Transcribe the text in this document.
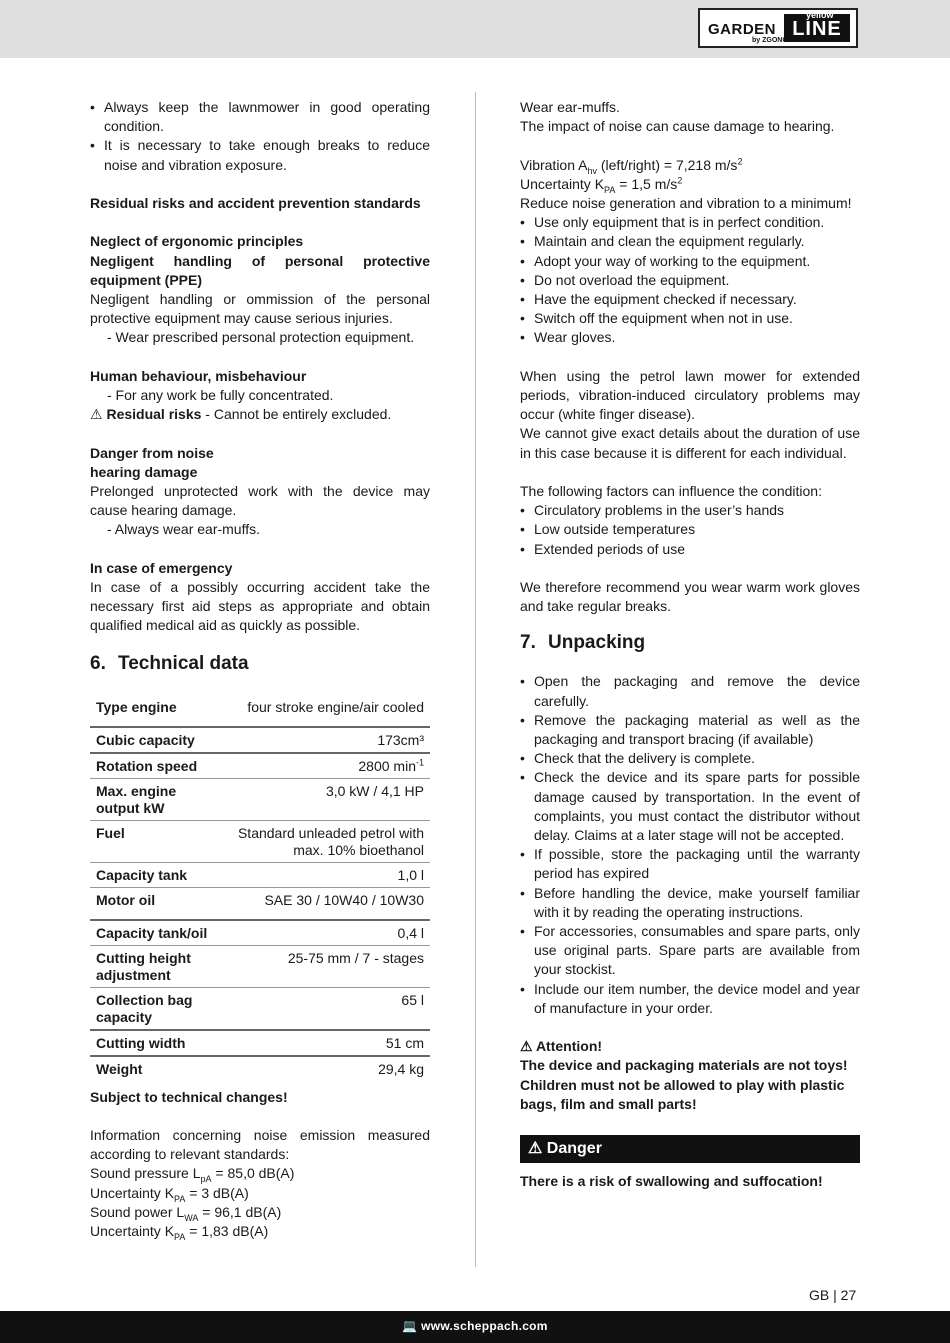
GARDEN
yellow
LINE
by ZGONC
• Always keep the lawnmower in good operating condition.
• It is necessary to take enough breaks to reduce noise and vibration exposure.

Residual risks and accident prevention standards

Neglect of ergonomic principles

Negligent handling of personal protective equipment (PPE)

Negligent handling or ommission of the personal protective equipment may cause serious injuries.

- Wear prescribed personal protection equipment.

Human behaviour, misbehaviour

- For any work be fully concentrated.

⚠ Residual risks - Cannot be entirely excluded.

Danger from noise

hearing damage

Prelonged unprotected work with the device may cause hearing damage.

- Always wear ear-muffs.

In case of emergency

In case of a possibly occurring accident take the necessary first aid steps as appropriate and obtain qualified medical aid as quickly as possible.

6. Technical data
Type engine	four stroke engine/air cooled
Cubic capacity	173cm³
Rotation speed	2800 $\min^{-1}$
Max. engine output kW	3,0 kW / 4,1 HP
Fuel	Standard unleaded petrol with max. 10% bioethanol
Capacity tank	1,0 l
Motor oil	SAE 30 / 10W40 / 10W30
Capacity tank/oil	0,4 l
Cutting height adjustment	25-75 mm / 7 - stages
Collection bag capacity	65 l
Cutting width	51 cm
Weight	29,4 kg

Subject to technical changes!

Information concerning noise emission measured according to relevant standards:

Sound pressure $L_{pA} = 85,0$ dB(A)

Uncertainty $K_{PA} = 3$ dB(A)

Sound power $L_{WA} = 96,1$ dB(A)

Uncertainty $K_{PA} = 1,83$ dB(A)

Wear ear-muffs.

The impact of noise can cause damage to hearing.

Vibration $A_{hv}$ (left/right) = 7,218 $m/s^2$

Uncertainty $K_{PA} = 1,5$ $m/s^2$

Reduce noise generation and vibration to a minimum!

• Use only equipment that is in perfect condition.
• Maintain and clean the equipment regularly.
• Adopt your way of working to the equipment.
• Do not overload the equipment.
• Have the equipment checked if necessary.
• Switch off the equipment when not in use.
• Wear gloves.

When using the petrol lawn mower for extended periods, vibration-induced circulatory problems may occur (white finger disease).

We cannot give exact details about the duration of use in this case because it is different for each individual.

The following factors can influence the condition:

• Circulatory problems in the user’s hands
• Low outside temperatures
• Extended periods of use

We therefore recommend you wear warm work gloves and take regular breaks.

7. Unpacking
• Open the packaging and remove the device carefully.
• Remove the packaging material as well as the packaging and transport bracing (if available)
• Check that the delivery is complete.
• Check the device and its spare parts for possible damage caused by transportation. In the event of complaints, you must contact the distributor without delay. Claims at a later stage will not be accepted.
• If possible, store the packaging until the warranty period has expired
• Before handling the device, make yourself familiar with it by reading the operating instructions.
• For accessories, consumables and spare parts, only use original parts. Spare parts are available from your stockist.
• Include our item number, the device model and year of manufacture in your order.

⚠ Attention!

The device and packaging materials are not toys! Children must not be allowed to play with plastic bags, film and small parts!

⚠ Danger

There is a risk of swallowing and suffocation!

GB | 27
💻 www.scheppach.com
